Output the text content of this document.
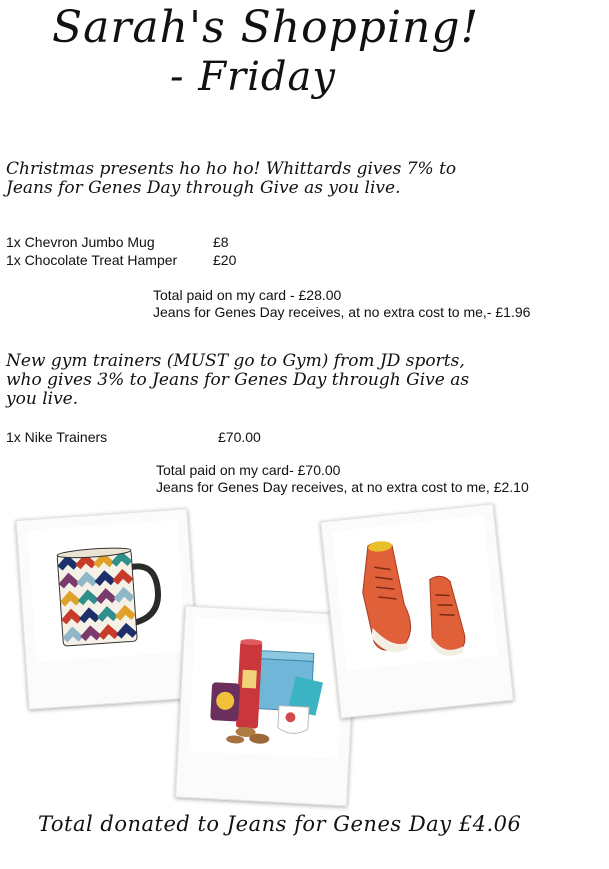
Sarah's Shopping!
- Friday
Christmas presents ho ho ho! Whittards gives 7% to
Jeans for Genes Day through Give as you live.
1x Chevron Jumbo Mug	£8
1x Chocolate Treat Hamper	£20
Total paid on my card - £28.00
Jeans for Genes Day receives, at no extra cost to me,- £1.96
New gym trainers (MUST go to Gym) from JD sports,
who gives 3% to Jeans for Genes Day through Give as
you live.
1x Nike Trainers	£70.00
Total paid on my card- £70.00
Jeans for Genes Day receives, at no extra cost to me, £2.10
Total donated to Jeans for Genes Day £4.06
